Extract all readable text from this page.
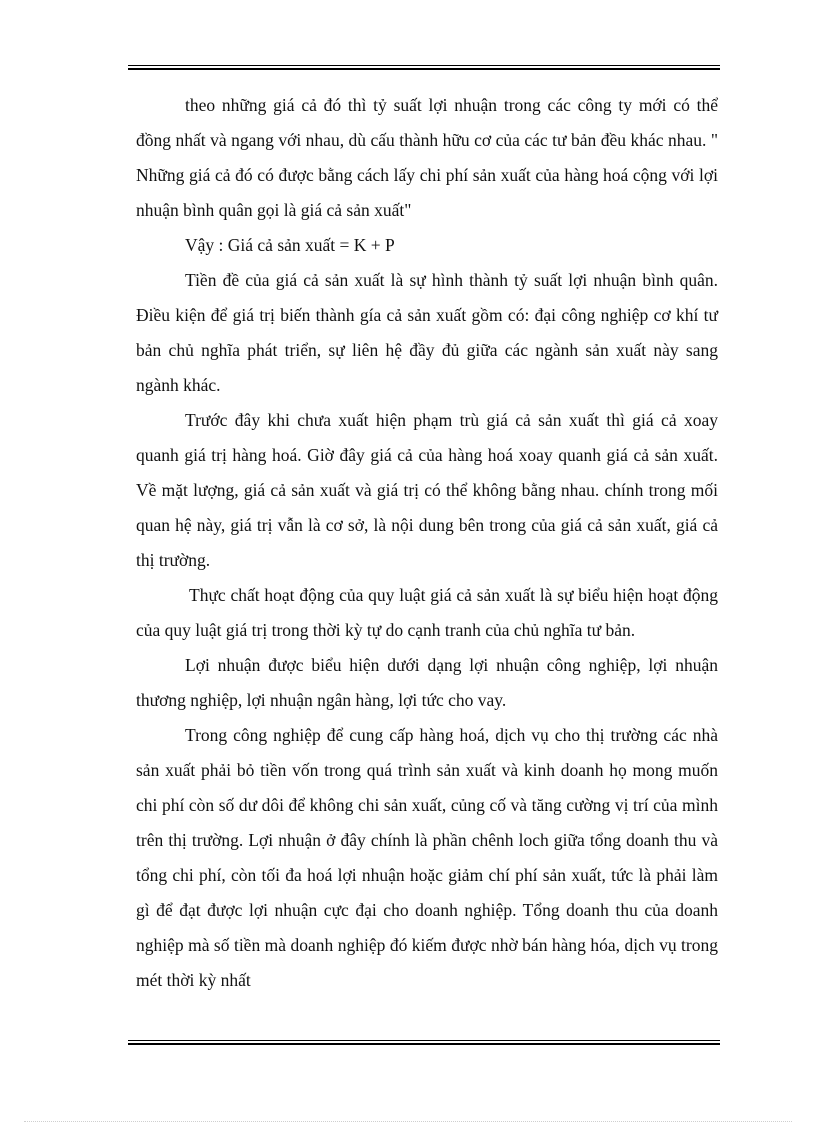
theo những giá cả đó thì tỷ suất lợi nhuận trong các công ty mới có thể đồng nhất và ngang với nhau, dù cấu thành hữu cơ của các tư bản đều khác nhau. " Những giá cả đó có được bằng cách lấy chi phí sản xuất của hàng hoá cộng với lợi nhuận bình quân gọi là giá cả sản xuất"

Vậy : Giá cả sản xuất = K + P

Tiền đề của giá cả sản xuất là sự hình thành tỷ suất lợi nhuận bình quân. Điều kiện để giá trị biến thành gía cả sản xuất gồm có: đại công nghiệp cơ khí tư bản chủ nghĩa phát triển, sự liên hệ đầy đủ giữa các ngành sản xuất này sang ngành khác.

Trước đây khi chưa xuất hiện phạm trù giá cả sản xuất thì giá cả xoay quanh giá trị hàng hoá. Giờ đây giá cả của hàng hoá xoay quanh giá cả sản xuất. Về mặt lượng, giá cả sản xuất và giá trị có thể không bằng nhau. chính trong mối quan hệ này, giá trị vẫn là cơ sở, là nội dung bên trong của giá cả sản xuất, giá cả thị trường.

Thực chất hoạt động của quy luật giá cả sản xuất là sự biểu hiện hoạt động của quy luật giá trị trong thời kỳ tự do cạnh tranh của chủ nghĩa tư bản.

Lợi nhuận được biểu hiện dưới dạng lợi nhuận công nghiệp, lợi nhuận thương nghiệp, lợi nhuận ngân hàng, lợi tức cho vay.

Trong công nghiệp để cung cấp hàng hoá, dịch vụ cho thị trường các nhà sản xuất phải bỏ tiền vốn trong quá trình sản xuất và kinh doanh họ mong muốn chi phí còn số dư dôi để không chi sản xuất, củng cố và tăng cường vị trí của mình trên thị trường. Lợi nhuận ở đây chính là phần chênh loch giữa tổng doanh thu và tổng chi phí, còn tối đa hoá lợi nhuận hoặc giảm chí phí sản xuất, tức là phải làm gì để đạt được lợi nhuận cực đại cho doanh nghiệp. Tổng doanh thu của doanh nghiệp mà số tiền mà doanh nghiệp đó kiếm được nhờ bán hàng hóa, dịch vụ trong mét thời kỳ nhất
